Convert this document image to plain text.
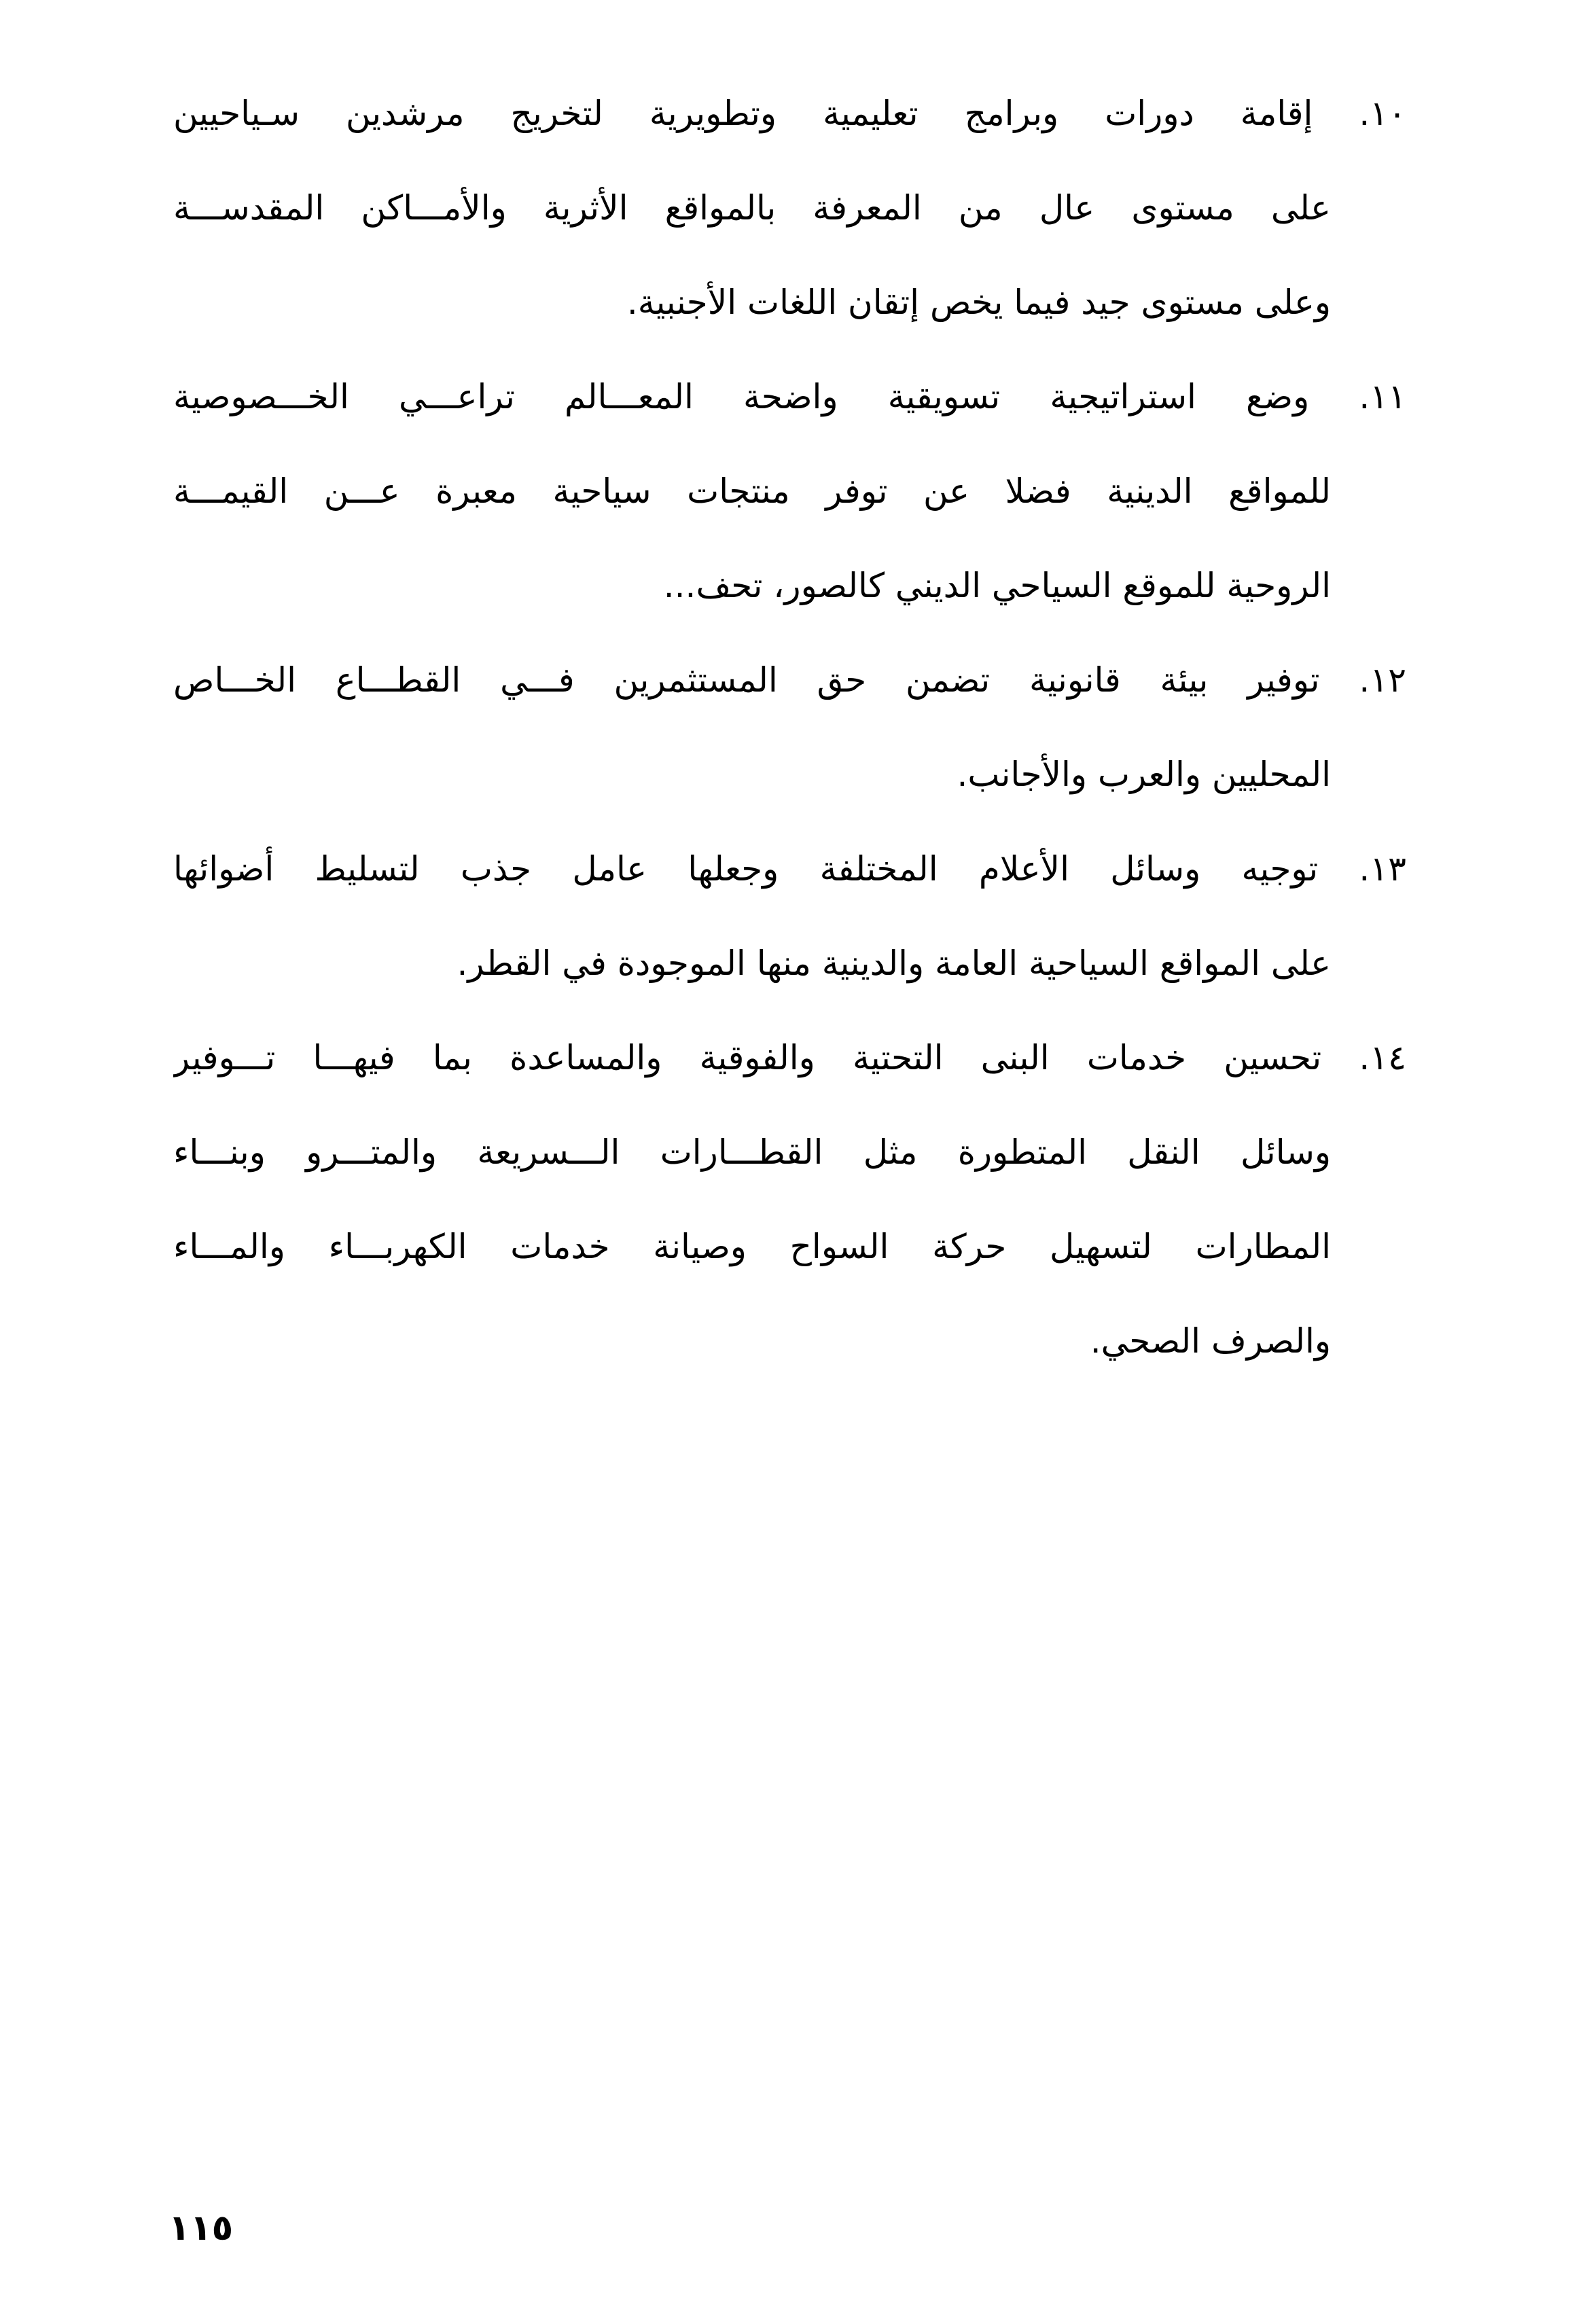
١٠. إقامة دورات وبرامج تعليمية وتطويرية لتخريج مرشدين سـياحيين
على مستوى عال من المعرفة بالمواقع الأثرية والأمـــاكن المقدســـة
وعلى مستوى جيد فيما يخص إتقان اللغات الأجنبية.
١١. وضع استراتيجية تسويقية واضحة المعـــالم تراعـــي الخـــصوصية
للمواقع الدينية فضلا عن توفر منتجات سياحية معبرة عـــن القيمـــة
الروحية للموقع السياحي الديني كالصور، تحف...
١٢. توفير بيئة قانونية تضمن حق المستثمرين فـــي القطـــاع الخـــاص
المحليين والعرب والأجانب.
١٣. توجيه وسائل الأعلام المختلفة وجعلها عامل جذب لتسليط أضوائها
على المواقع السياحية العامة والدينية منها الموجودة في القطر.
١٤. تحسين خدمات البنى التحتية والفوقية والمساعدة بما فيهـــا تـــوفير
وسائل النقل المتطورة مثل القطـــارات الـــسريعة والمتـــرو وبنـــاء
المطارات لتسهيل حركة السواح وصيانة خدمات الكهربـــاء والمـــاء
والصرف الصحي.
١١٥
